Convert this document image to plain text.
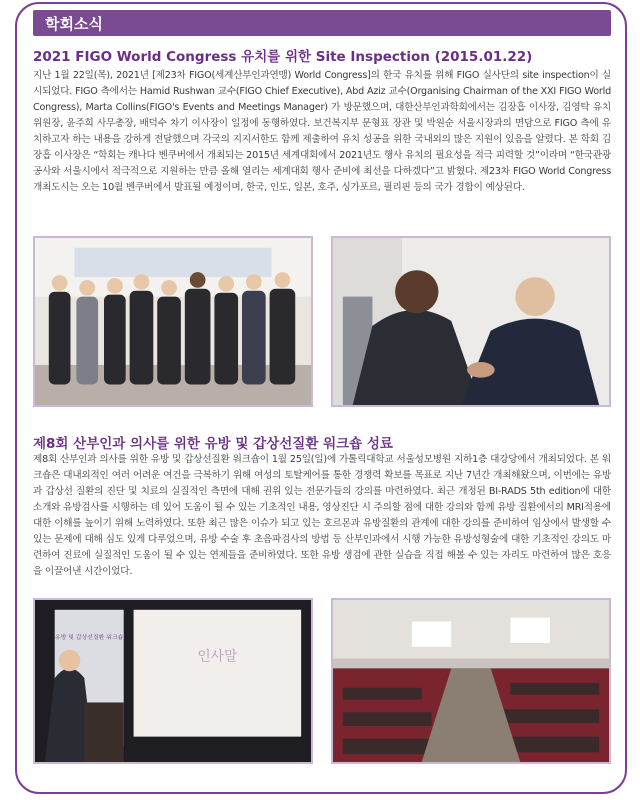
학회소식
2021 FIGO World Congress 유치를 위한 Site Inspection (2015.01.22)
지난 1월 22일(목), 2021년 [제23차 FIGO(세계산부인과연맹) World Congress]의 한국 유치를 위해 FIGO 실사단의 site inspection이 실시되었다. FIGO 측에서는 Hamid Rushwan 교수(FIGO Chief Executive), Abd Aziz 교수(Organising Chairman of the XXI FIGO World Congress), Marta Collins(FIGO's Events and Meetings Manager) 가 방문했으며, 대한산부인과학회에서는 김장흡 이사장, 김영탁 유치위원장, 윤주희 사무총장, 배덕수 차기 이사장이 일정에 동행하였다. 보건복지부 문형표 장관 및 박원순 서울시장과의 면담으로 FIGO 측에 유치하고자 하는 내용을 강하게 전달했으며 각국의 지지서한도 함께 제출하여 유치 성공을 위한 국내외의 많은 지원이 있음을 알렸다. 본 학회 김장흡 이사장은 “학회는 캐나다 벤쿠버에서 개최되는 2015년 세계대회에서 2021년도 행사 유치의 필요성을 적극 피력할 것”이라며 “한국관광공사와 서울시에서 적극적으로 지원하는 만큼 올해 열리는 세계대회 행사 준비에 최선을 다하겠다”고 밝혔다. 제23차 FIGO World Congress 개최도시는 오는 10월 벤쿠버에서 발표될 예정이며, 한국, 인도, 일본, 호주, 싱가포르, 필리핀 등의 국가 경합이 예상된다.
제8회 산부인과 의사를 위한 유방 및 갑상선질환 워크숍 성료
제8회 산부인과 의사를 위한 유방 및 갑상선질환 워크숍이 1월 25일(일)에 가톨릭대학교 서울성모병원 지하1층 대강당에서 개최되었다. 본 워크숍은 대내외적인 여러 어려운 여건을 극복하기 위해 여성의 토탈케어를 통한 경쟁력 확보를 목표로 지난 7년간 개최해왔으며, 이번에는 유방과 갑상선 질환의 진단 및 치료의 실질적인 측면에 대해 권위 있는 전문가들의 강의를 마련하였다. 최근 개정된 BI-RADS 5th edition에 대한 소개와 유방검사를 시행하는 데 있어 도움이 될 수 있는 기초적인 내용, 영상진단 시 주의할 점에 대한 강의와 함께 유방 질환에서의 MRI적용에 대한 이해를 높이기 위해 노력하였다. 또한 최근 많은 이슈가 되고 있는 호르몬과 유방질환의 관계에 대한 강의를 준비하여 임상에서 발생할 수 있는 문제에 대해 심도 있게 다루었으며, 유방 수술 후 초음파검사의 방법 등 산부인과에서 시행 가능한 유방성형술에 대한 기초적인 강의도 마련하여 진료에 실질적인 도움이 될 수 있는 연제들을 준비하였다. 또한 유방 생검에 관한 실습을 직접 해볼 수 있는 자리도 마련하여 많은 호응을 이끌어낸 시간이었다.
인사말
유방 및 갑상선질환 워크숍
